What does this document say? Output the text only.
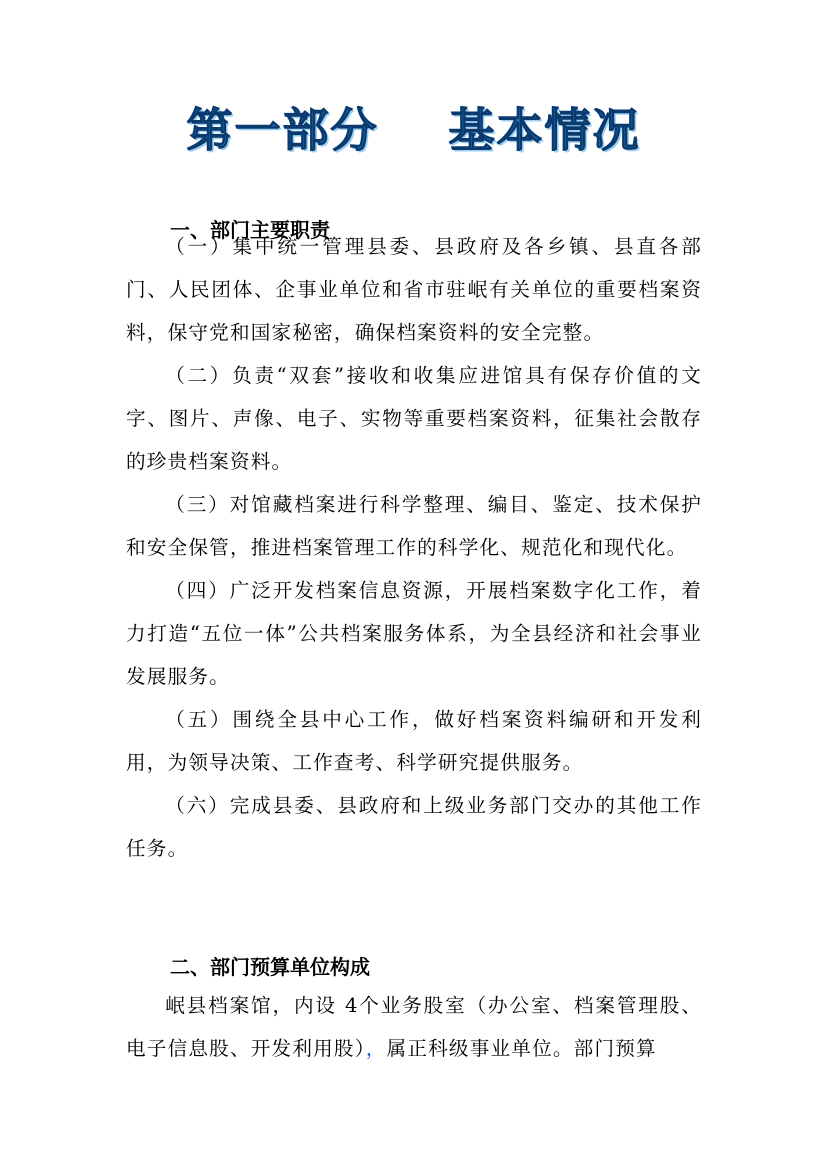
第一部分 基本情况
一、部门主要职责

（一）集中统一管理县委、县政府及各乡镇、县直各部门、人民团体、企事业单位和省市驻岷有关单位的重要档案资料，保守党和国家秘密，确保档案资料的安全完整。

（二）负责“双套”接收和收集应进馆具有保存价值的文字、图片、声像、电子、实物等重要档案资料，征集社会散存的珍贵档案资料。

（三）对馆藏档案进行科学整理、编目、鉴定、技术保护和安全保管，推进档案管理工作的科学化、规范化和现代化。

（四）广泛开发档案信息资源，开展档案数字化工作，着力打造“五位一体”公共档案服务体系，为全县经济和社会事业发展服务。

（五）围绕全县中心工作，做好档案资料编研和开发利用，为领导决策、工作查考、科学研究提供服务。

（六）完成县委、县政府和上级业务部门交办的其他工作任务。

二、部门预算单位构成

岷县档案馆，内设 4个业务股室（办公室、档案管理股、电子信息股、开发利用股），属正科级事业单位。部门预算
